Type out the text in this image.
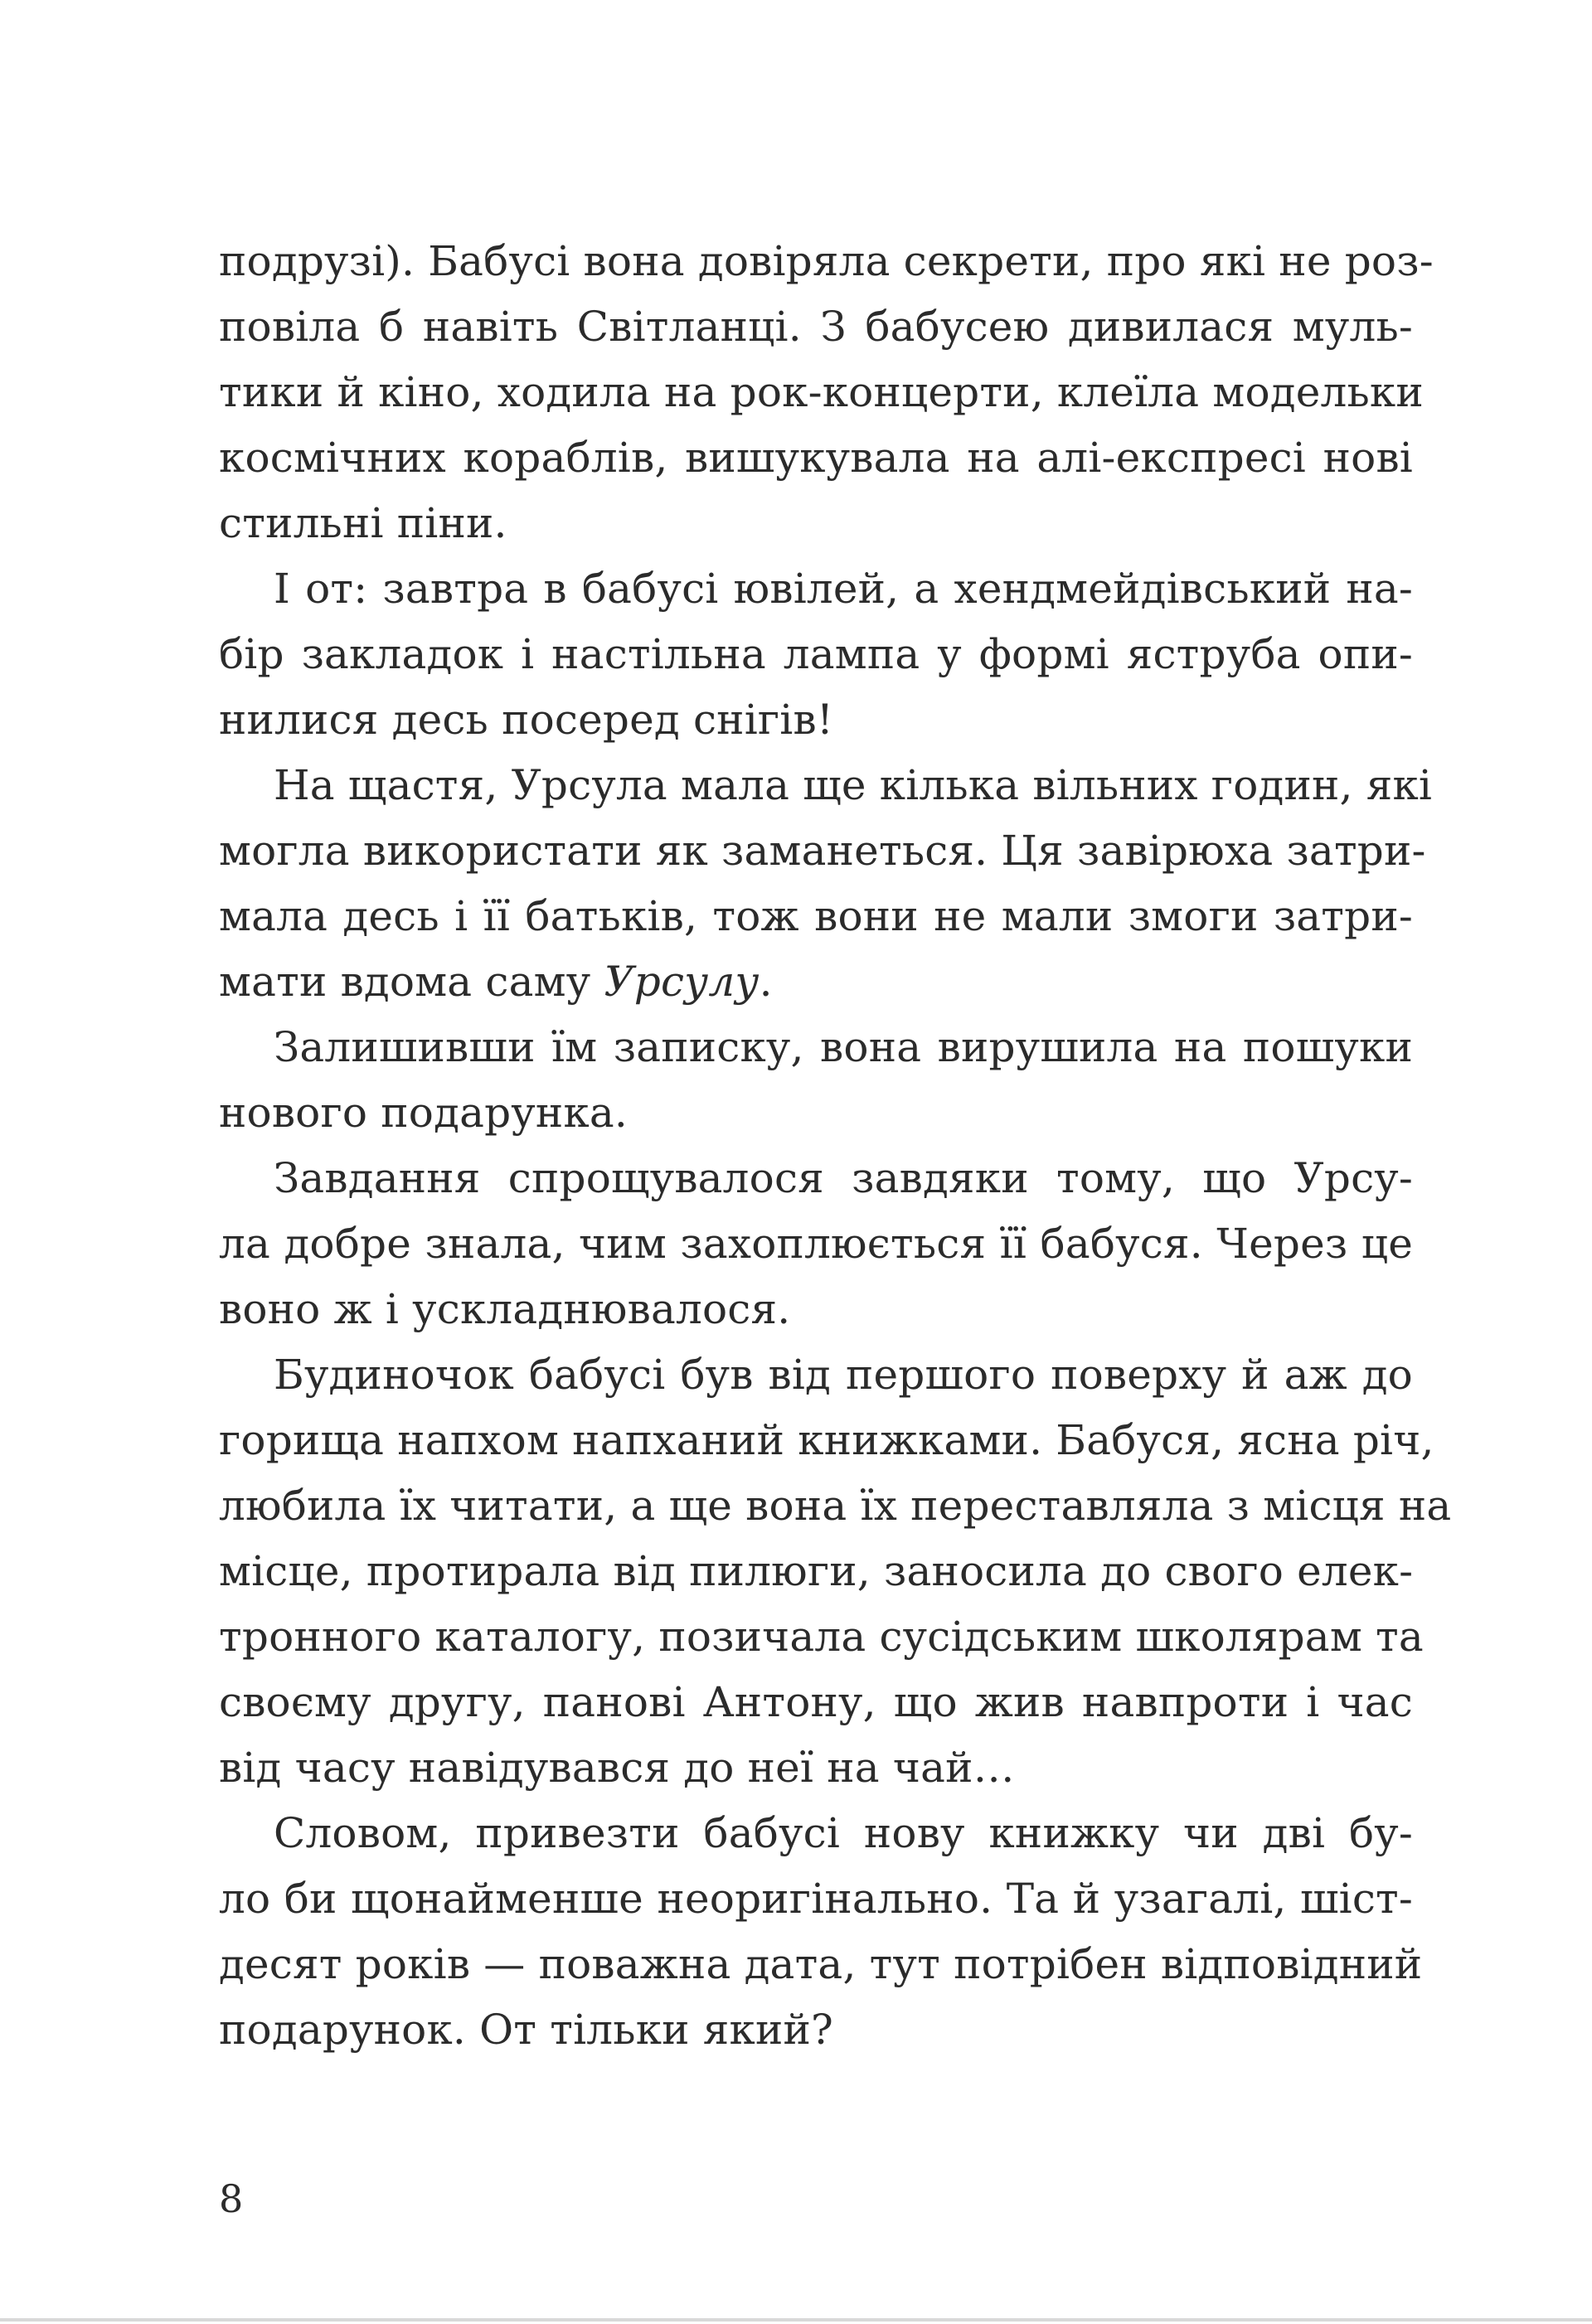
подрузі). Бабусі вона довіряла секрети, про які не роз-
повіла б навіть Світланці. З бабусею дивилася муль-
тики й кіно, ходила на рок-концерти, клеїла модельки
космічних кораблів, вишукувала на алі-експресі нові
стильні піни.
І от: завтра в бабусі ювілей, а хендмейдівський на-
бір закладок і настільна лампа у формі яструба опи-
нилися десь посеред снігів!
На щастя, Урсула мала ще кілька вільних годин, які
могла використати як заманеться. Ця завірюха затри-
мала десь і її батьків, тож вони не мали змоги затри-
мати вдома саму Урсулу.
Залишивши їм записку, вона вирушила на пошуки
нового подарунка.
Завдання спрощувалося завдяки тому, що Урсу-
ла добре знала, чим захоплюється її бабуся. Через це
воно ж і ускладнювалося.
Будиночок бабусі був від першого поверху й аж до
горища напхом напханий книжками. Бабуся, ясна річ,
любила їх читати, а ще вона їх переставляла з місця на
місце, протирала від пилюги, заносила до свого елек-
тронного каталогу, позичала сусідським школярам та
своєму другу, панові Антону, що жив навпроти і час
від часу навідувався до неї на чай…
Словом, привезти бабусі нову книжку чи дві бу-
ло би щонайменше неоригінально. Та й узагалі, шіст-
десят років — поважна дата, тут потрібен відповідний
подарунок. От тільки який?
8
